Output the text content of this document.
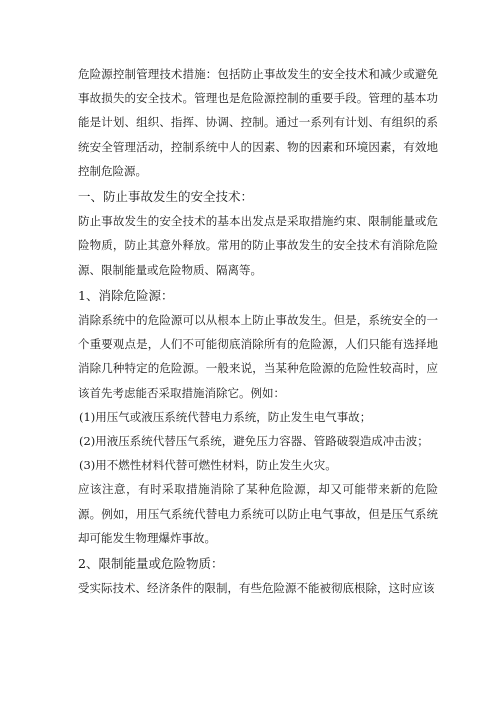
危险源控制管理技术措施：包括防止事故发生的安全技术和减少或避免事故损失的安全技术。管理也是危险源控制的重要手段。管理的基本功能是计划、组织、指挥、协调、控制。通过一系列有计划、有组织的系统安全管理活动，控制系统中人的因素、物的因素和环境因素，有效地控制危险源。

一、防止事故发生的安全技术：

防止事故发生的安全技术的基本出发点是采取措施约束、限制能量或危险物质，防止其意外释放。常用的防止事故发生的安全技术有消除危险源、限制能量或危险物质、隔离等。

1、消除危险源：

消除系统中的危险源可以从根本上防止事故发生。但是，系统安全的一个重要观点是，人们不可能彻底消除所有的危险源，人们只能有选择地消除几种特定的危险源。一般来说，当某种危险源的危险性较高时，应该首先考虑能否采取措施消除它。例如：

(1)用压气或液压系统代替电力系统，防止发生电气事故；

(2)用液压系统代替压气系统，避免压力容器、管路破裂造成冲击波；

(3)用不燃性材料代替可燃性材料，防止发生火灾。

应该注意，有时采取措施消除了某种危险源，却又可能带来新的危险源。例如，用压气系统代替电力系统可以防止电气事故，但是压气系统却可能发生物理爆炸事故。

2、限制能量或危险物质：

受实际技术、经济条件的限制，有些危险源不能被彻底根除，这时应该
